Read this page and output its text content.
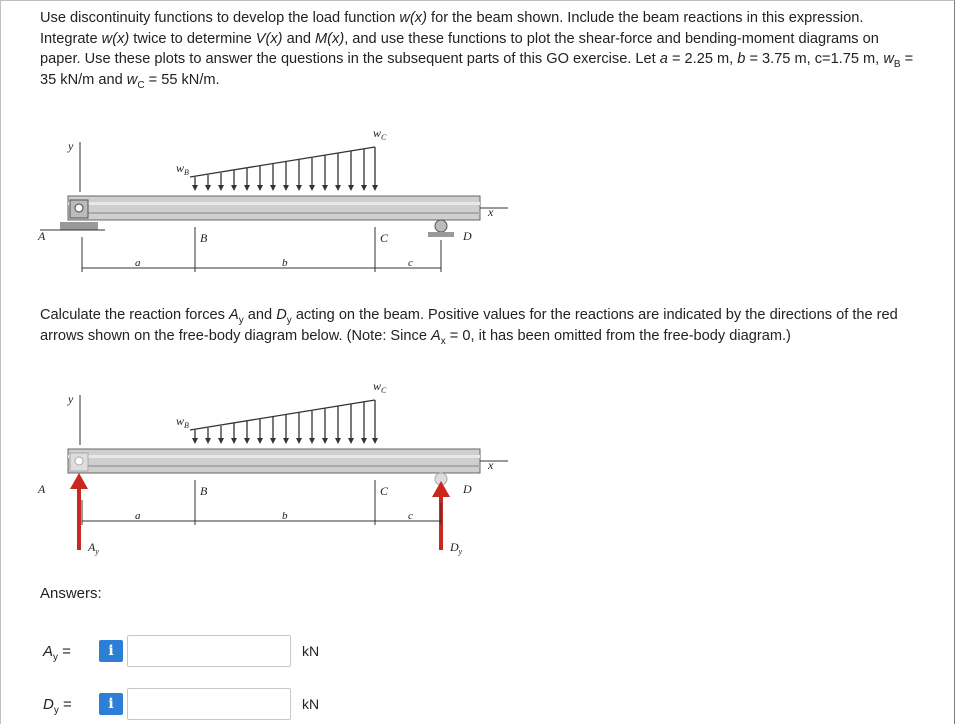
Use discontinuity functions to develop the load function w(x) for the beam shown. Include the beam reactions in this expression. Integrate w(x) twice to determine V(x) and M(x), and use these functions to plot the shear-force and bending-moment diagrams on paper. Use these plots to answer the questions in the subsequent parts of this GO exercise. Let a = 2.25 m, b = 3.75 m, c=1.75 m, $w_B = 35$ kN/m and $w_C = 55$ kN/m.

y
$w_B$
$w_C$
x
A	D
B	C
a	b	c

Calculate the reaction forces $A_y$ and $D_y$ acting on the beam. Positive values for the reactions are indicated by the directions of the red arrows shown on the free-body diagram below. (Note: Since $A_x = 0$, it has been omitted from the free-body diagram.)

y
$w_B$
$w_C$
x
A	D
$A_y$	$D_y$
B	C
a	b	c
Answers:
$A_y$ =	i	kN
$D_y$ =	i	kN
